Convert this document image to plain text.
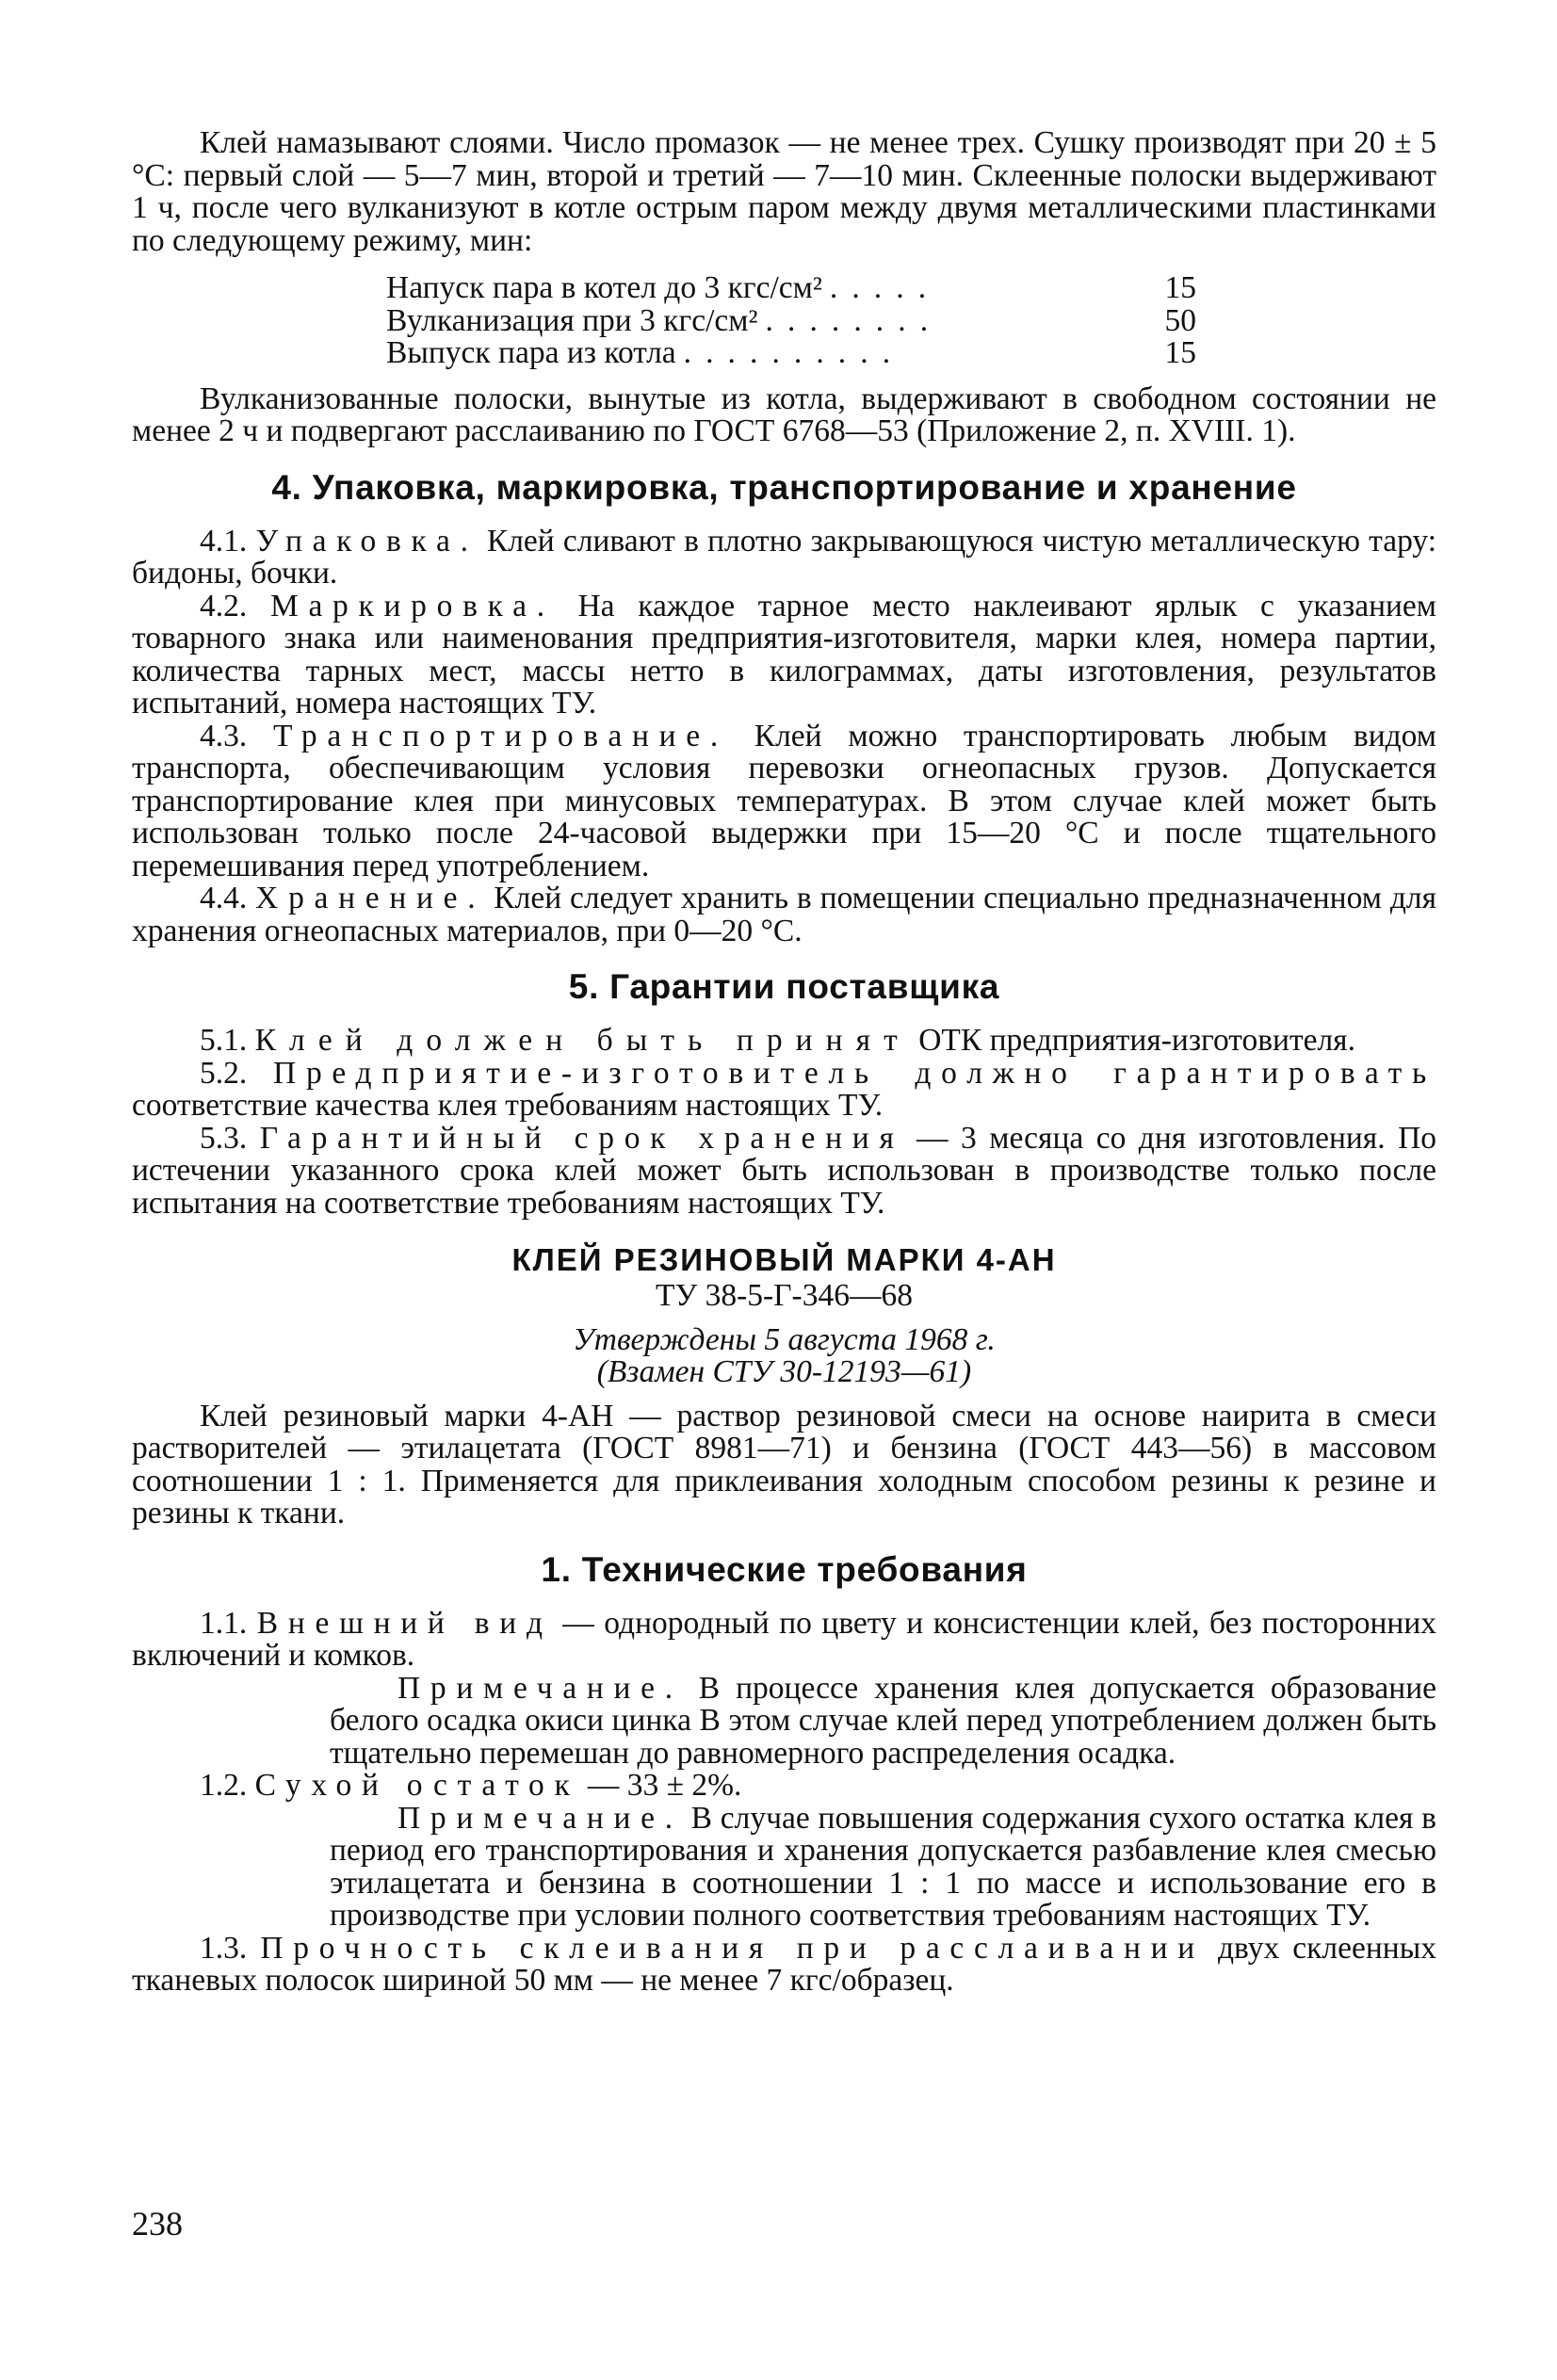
Клей намазывают слоями. Число промазок — не менее трех. Сушку производят при 20 ± 5 °С: первый слой — 5—7 мин, второй и третий — 7—10 мин. Склеенные полоски выдерживают 1 ч, после чего вулканизуют в котле острым паром между двумя металлическими пластинками по следующему режиму, мин:

Напуск пара в котел до 3 кгс/см² .....	15
Вулканизация при 3 кгс/см² ........	50
Выпуск пара из котла ..........	15

Вулканизованные полоски, вынутые из котла, выдерживают в свободном состоянии не менее 2 ч и подвергают расслаиванию по ГОСТ 6768—53 (Приложение 2, п. XVIII. 1).

4. Упаковка, маркировка, транспортирование и хранение

4.1. Упаковка. Клей сливают в плотно закрывающуюся чистую металлическую тару: бидоны, бочки.

4.2. Маркировка. На каждое тарное место наклеивают ярлык с указанием товарного знака или наименования предприятия-изготовителя, марки клея, номера партии, количества тарных мест, массы нетто в килограммах, даты изготовления, результатов испытаний, номера настоящих ТУ.

4.3. Транспортирование. Клей можно транспортировать любым видом транспорта, обеспечивающим условия перевозки огнеопасных грузов. Допускается транспортирование клея при минусовых температурах. В этом случае клей может быть использован только после 24-часовой выдержки при 15—20 °С и после тщательного перемешивания перед употреблением.

4.4. Хранение. Клей следует хранить в помещении специально предназначенном для хранения огнеопасных материалов, при 0—20 °С.

5. Гарантии поставщика

5.1. Клей должен быть принят ОТК предприятия-изготовителя.

5.2. Предприятие-изготовитель должно гарантировать соответствие качества клея требованиям настоящих ТУ.

5.3. Гарантийный срок хранения — 3 месяца со дня изготовления. По истечении указанного срока клей может быть использован в производстве только после испытания на соответствие требованиям настоящих ТУ.

КЛЕЙ РЕЗИНОВЫЙ МАРКИ 4-АН

ТУ 38-5-Г-346—68

Утверждены 5 августа 1968 г.

(Взамен СТУ 30-12193—61)

Клей резиновый марки 4-АН — раствор резиновой смеси на основе наирита в смеси растворителей — этилацетата (ГОСТ 8981—71) и бензина (ГОСТ 443—56) в массовом соотношении 1 : 1. Применяется для приклеивания холодным способом резины к резине и резины к ткани.

1. Технические требования

1.1. Внешний вид — однородный по цвету и консистенции клей, без посторонних включений и комков.

Примечание. В процессе хранения клея допускается образование белого осадка окиси цинка В этом случае клей перед употреблением должен быть тщательно перемешан до равномерного распределения осадка.

1.2. Сухой остаток — 33 ± 2%.

Примечание. В случае повышения содержания сухого остатка клея в период его транспортирования и хранения допускается разбавление клея смесью этилацетата и бензина в соотношении 1 : 1 по массе и использование его в производстве при условии полного соответствия требованиям настоящих ТУ.

1.3. Прочность склеивания при расслаивании двух склеенных тканевых полосок шириной 50 мм — не менее 7 кгс/образец.

238
